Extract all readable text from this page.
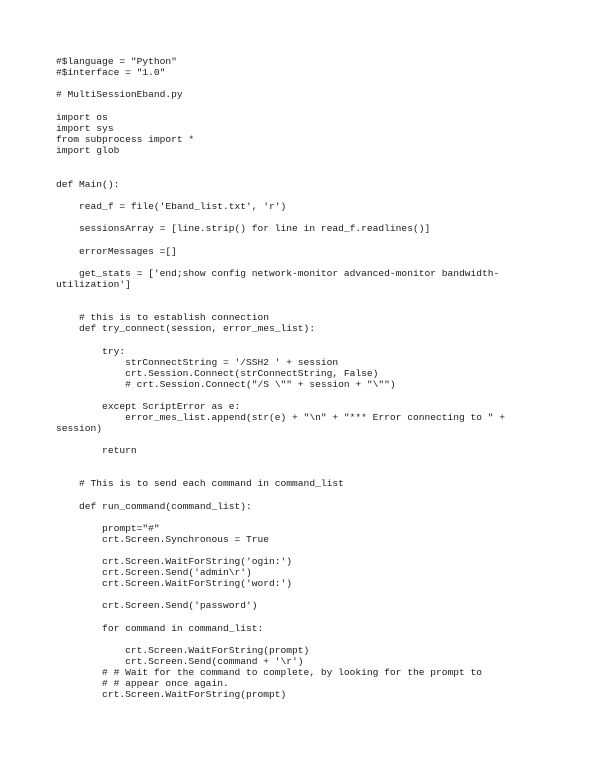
#$language = "Python"
#$interface = "1.0"
# MultiSessionEband.py
import os
import sys
from subprocess import *
import glob
def Main():
read_f = file('Eband_list.txt', 'r')
sessionsArray = [line.strip() for line in read_f.readlines()]
errorMessages =[]
get_stats = ['end;show config network-monitor advanced-monitor bandwidth-
utilization']
# this is to establish connection
def try_connect(session, error_mes_list):
try:
strConnectString = '/SSH2 ' + session
crt.Session.Connect(strConnectString, False)
# crt.Session.Connect("/S \"" + session + "\"")
except ScriptError as e:
error_mes_list.append(str(e) + "\n" + "*** Error connecting to " +
session)
return
# This is to send each command in command_list
def run_command(command_list):
prompt="#"
crt.Screen.Synchronous = True
crt.Screen.WaitForString('ogin:')
crt.Screen.Send('admin\r')
crt.Screen.WaitForString('word:')
crt.Screen.Send('password')
for command in command_list:
crt.Screen.WaitForString(prompt)
crt.Screen.Send(command + '\r')
# # Wait for the command to complete, by looking for the prompt to
# # appear once again.
crt.Screen.WaitForString(prompt)
